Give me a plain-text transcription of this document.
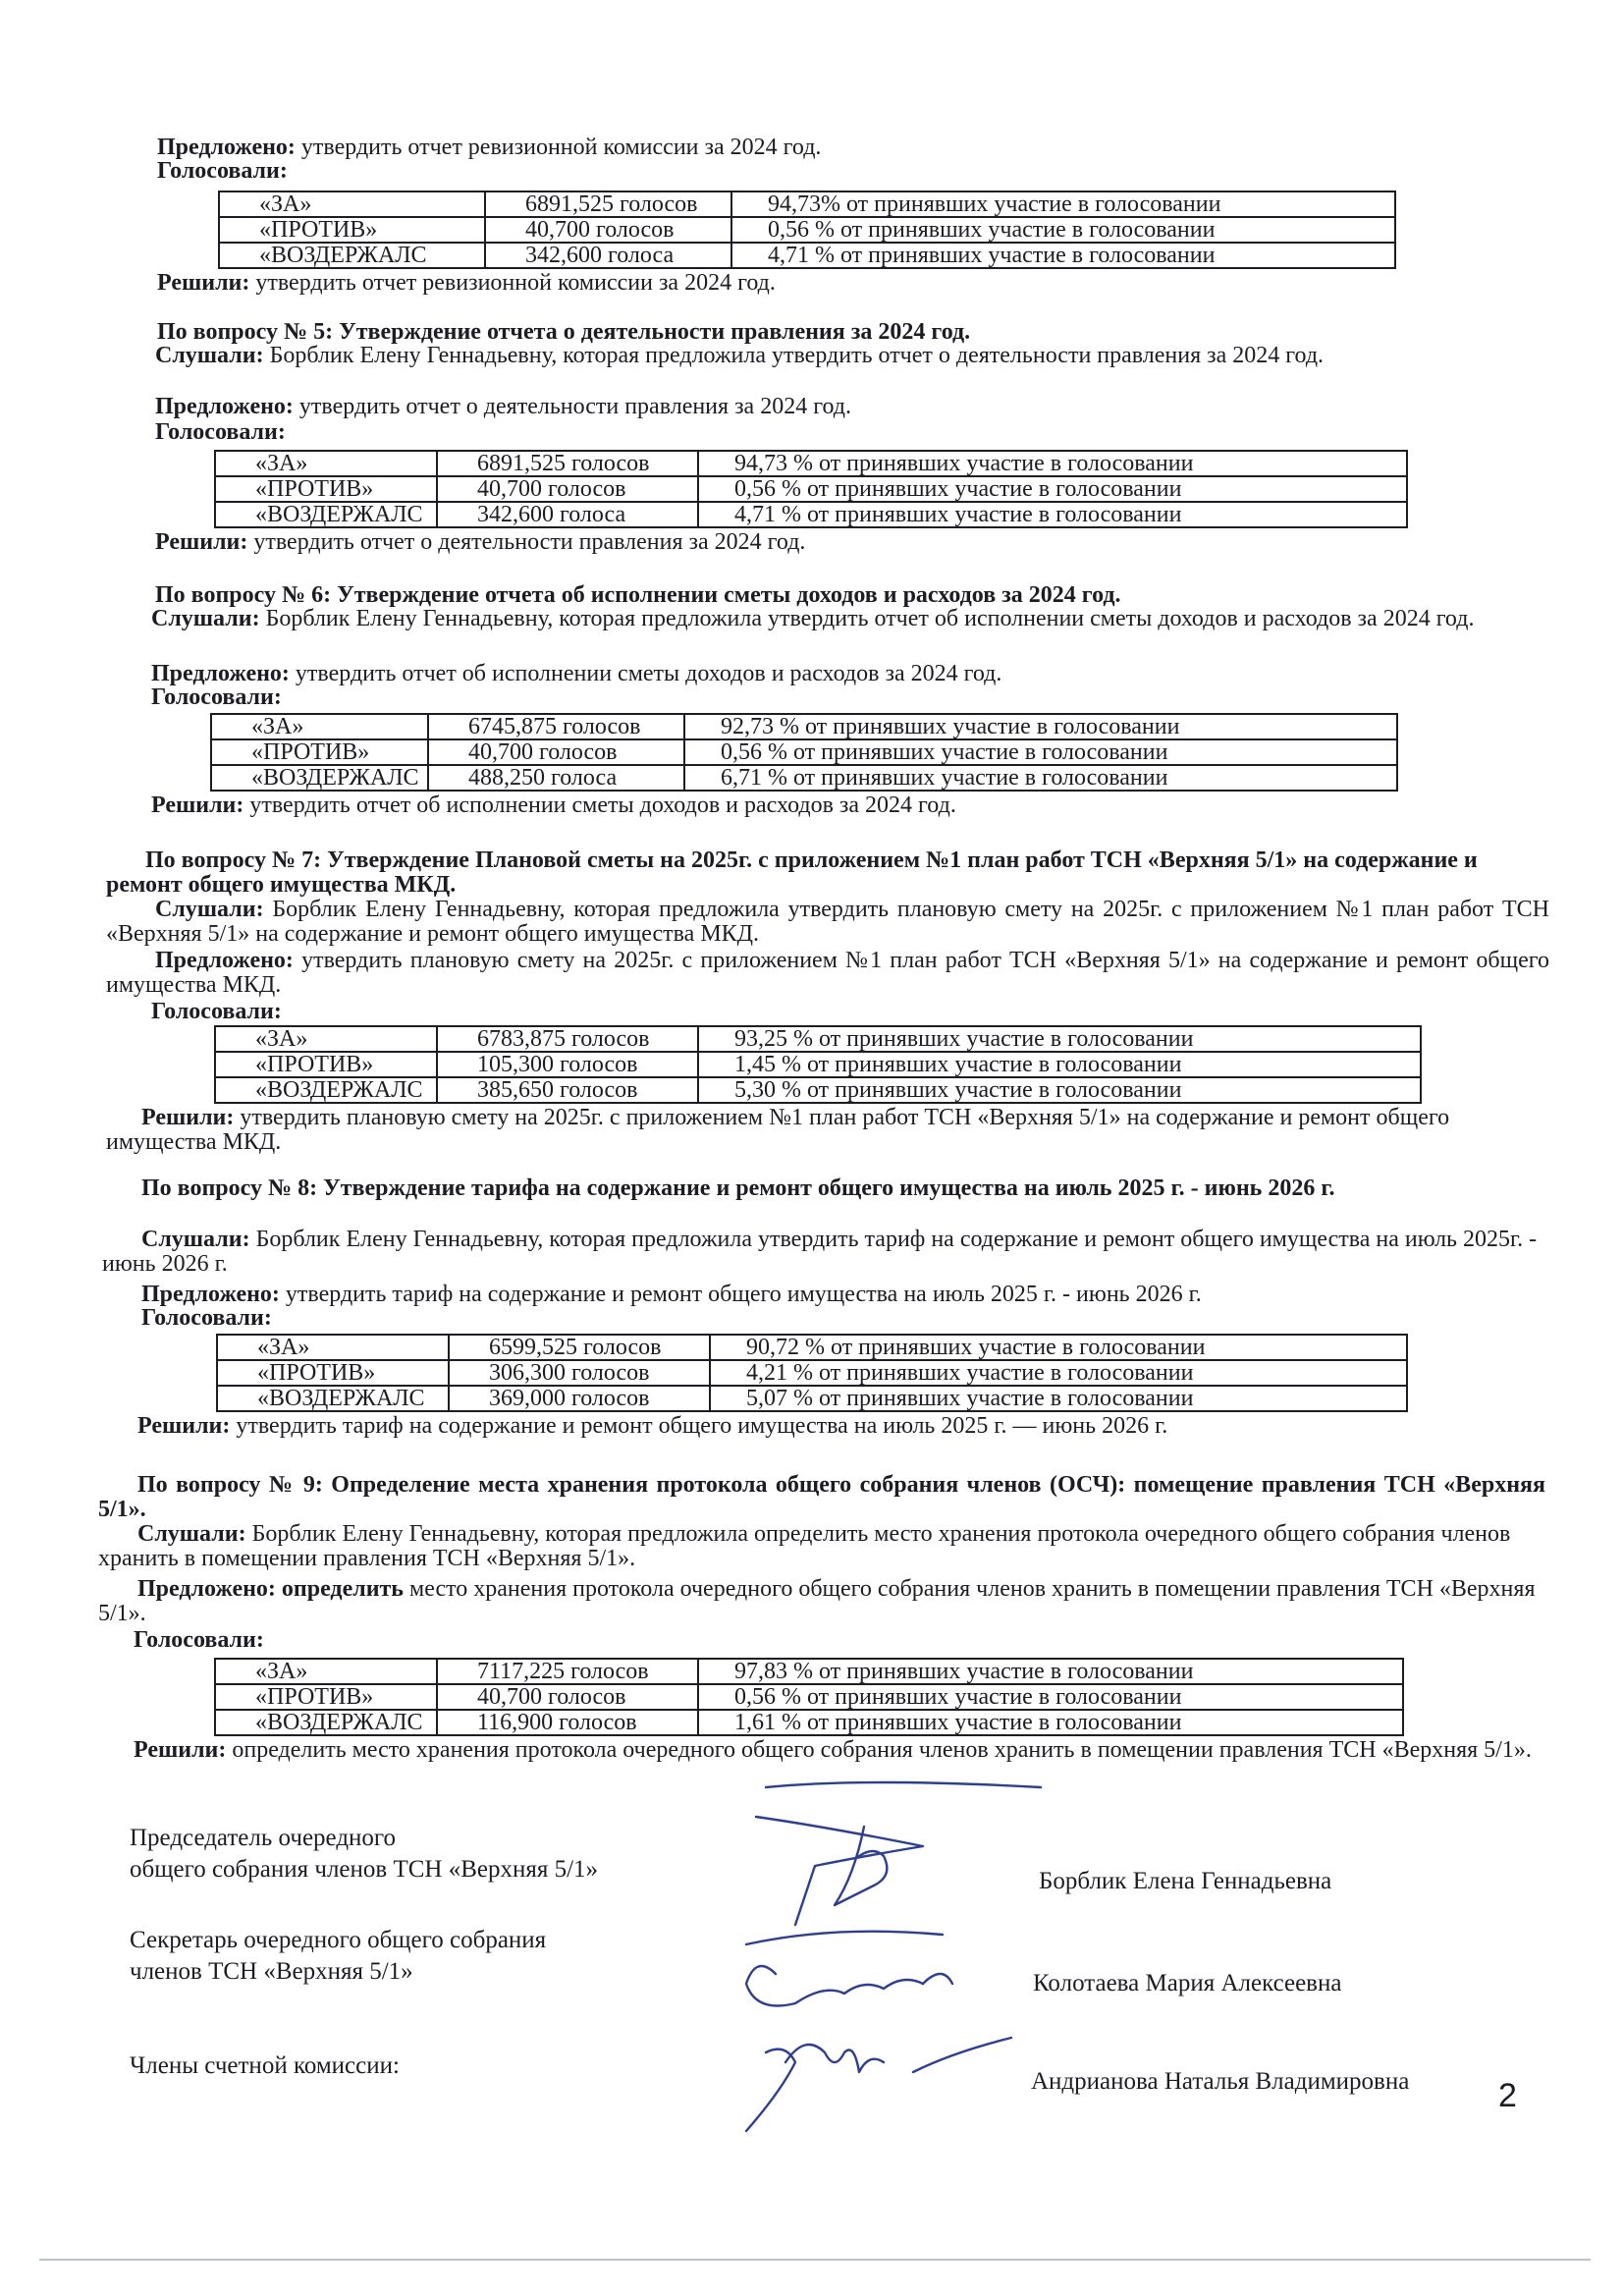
Предложено: утвердить отчет ревизионной комиссии за 2024 год.

Голосовали:

«ЗА»	6891,525 голосов	94,73% от принявших участие в голосовании
«ПРОТИВ»	40,700 голосов	0,56 % от принявших участие в голосовании
«ВОЗДЕРЖАЛС	342,600 голоса	4,71 % от принявших участие в голосовании

Решили: утвердить отчет ревизионной комиссии за 2024 год.

По вопросу № 5: Утверждение отчета о деятельности правления за 2024 год.

Слушали: Борблик Елену Геннадьевну, которая предложила утвердить отчет о деятельности правления за 2024 год.

Предложено: утвердить отчет о деятельности правления за 2024 год.

Голосовали:

«ЗА»	6891,525 голосов	94,73 % от принявших участие в голосовании
«ПРОТИВ»	40,700 голосов	0,56 % от принявших участие в голосовании
«ВОЗДЕРЖАЛС	342,600 голоса	4,71 % от принявших участие в голосовании

Решили: утвердить отчет о деятельности правления за 2024 год.

По вопросу № 6: Утверждение отчета об исполнении сметы доходов и расходов за 2024 год.

Слушали: Борблик Елену Геннадьевну, которая предложила утвердить отчет об исполнении сметы доходов и расходов за 2024 год.

Предложено: утвердить отчет об исполнении сметы доходов и расходов за 2024 год.

Голосовали:

«ЗА»	6745,875 голосов	92,73 % от принявших участие в голосовании
«ПРОТИВ»	40,700 голосов	0,56 % от принявших участие в голосовании
«ВОЗДЕРЖАЛС	488,250 голоса	6,71 % от принявших участие в голосовании

Решили: утвердить отчет об исполнении сметы доходов и расходов за 2024 год.

По вопросу № 7: Утверждение Плановой сметы на 2025г. с приложением №1 план работ ТСН «Верхняя 5/1» на содержание и ремонт общего имущества МКД.

Слушали: Борблик Елену Геннадьевну, которая предложила утвердить плановую смету на 2025г. с приложением №1 план работ ТСН «Верхняя 5/1» на содержание и ремонт общего имущества МКД.

Предложено: утвердить плановую смету на 2025г. с приложением №1 план работ ТСН «Верхняя 5/1» на содержание и ремонт общего имущества МКД.

Голосовали:

«ЗА»	6783,875 голосов	93,25 % от принявших участие в голосовании
«ПРОТИВ»	105,300 голосов	1,45 % от принявших участие в голосовании
«ВОЗДЕРЖАЛС	385,650 голосов	5,30 % от принявших участие в голосовании

Решили: утвердить плановую смету на 2025г. с приложением №1 план работ ТСН «Верхняя 5/1» на содержание и ремонт общего имущества МКД.

По вопросу № 8: Утверждение тарифа на содержание и ремонт общего имущества на июль 2025 г. - июнь 2026 г.

Слушали: Борблик Елену Геннадьевну, которая предложила утвердить тариф на содержание и ремонт общего имущества на июль 2025г. - июнь 2026 г.

Предложено: утвердить тариф на содержание и ремонт общего имущества на июль 2025 г. - июнь 2026 г.

Голосовали:

«ЗА»	6599,525 голосов	90,72 % от принявших участие в голосовании
«ПРОТИВ»	306,300 голосов	4,21 % от принявших участие в голосовании
«ВОЗДЕРЖАЛС	369,000 голосов	5,07 % от принявших участие в голосовании

Решили: утвердить тариф на содержание и ремонт общего имущества на июль 2025 г. — июнь 2026 г.

По вопросу № 9: Определение места хранения протокола общего собрания членов (ОСЧ): помещение правления ТСН «Верхняя 5/1».

Слушали: Борблик Елену Геннадьевну, которая предложила определить место хранения протокола очередного общего собрания членов хранить в помещении правления ТСН «Верхняя 5/1».

Предложено: определить место хранения протокола очередного общего собрания членов хранить в помещении правления ТСН «Верхняя 5/1».

Голосовали:

«ЗА»	7117,225 голосов	97,83 % от принявших участие в голосовании
«ПРОТИВ»	40,700 голосов	0,56 % от принявших участие в голосовании
«ВОЗДЕРЖАЛС	116,900 голосов	1,61 % от принявших участие в голосовании

Решили: определить место хранения протокола очередного общего собрания членов хранить в помещении правления ТСН «Верхняя 5/1».

Председатель очередного
общего собрания членов ТСН «Верхняя 5/1»	Борблик Елена Геннадьевна
Секретарь очередного общего собрания
членов ТСН «Верхняя 5/1»	Колотаева Мария Алексеевна
Члены счетной комиссии:
Андрианова Наталья Владимировна	2
